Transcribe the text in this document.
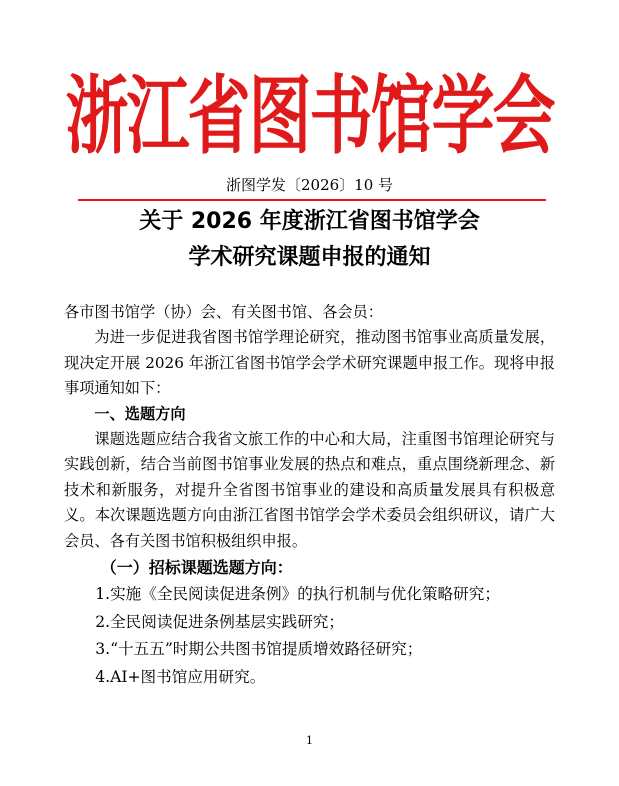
浙江省图书馆学会
浙图学发〔2026〕10 号
关于 2026 年度浙江省图书馆学会
学术研究课题申报的通知

各市图书馆学（协）会、有关图书馆、各会员：

为进一步促进我省图书馆学理论研究，推动图书馆事业高质量发展，现决定开展 2026 年浙江省图书馆学会学术研究课题申报工作。现将申报事项通知如下：

一、选题方向

课题选题应结合我省文旅工作的中心和大局，注重图书馆理论研究与实践创新，结合当前图书馆事业发展的热点和难点，重点围绕新理念、新技术和新服务，对提升全省图书馆事业的建设和高质量发展具有积极意义。本次课题选题方向由浙江省图书馆学会学术委员会组织研议，请广大会员、各有关图书馆积极组织申报。

（一）招标课题选题方向：

1.实施《全民阅读促进条例》的执行机制与优化策略研究；

2.全民阅读促进条例基层实践研究；

3.“十五五”时期公共图书馆提质增效路径研究；

4.AI+图书馆应用研究。

1
